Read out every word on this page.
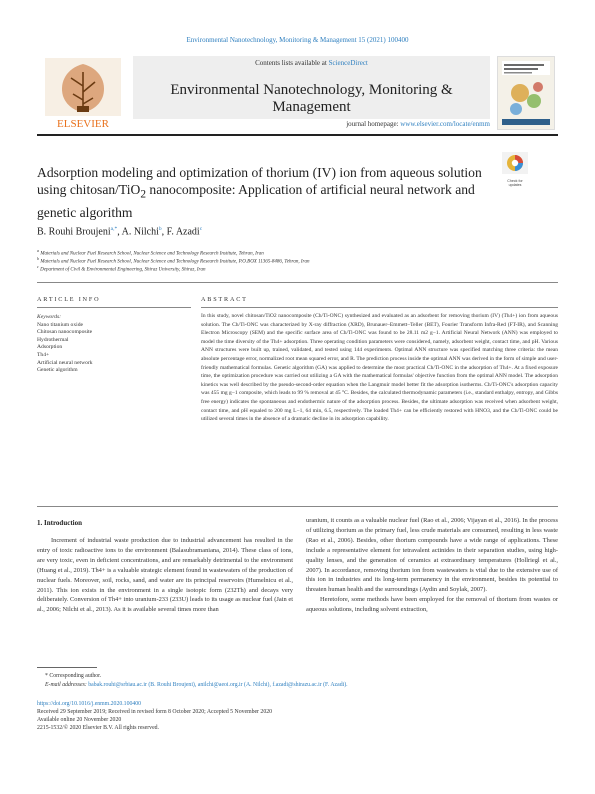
Environmental Nanotechnology, Monitoring & Management 15 (2021) 100400
ELSEVIER
Contents lists available at ScienceDirect
Environmental Nanotechnology, Monitoring & Management
journal homepage: www.elsevier.com/locate/enmm
Adsorption modeling and optimization of thorium (IV) ion from aqueous solution using chitosan/TiO$_2$ nanocomposite: Application of artificial neural network and genetic algorithm
Check for
updates
B. Rouhi Broujeni$^{a,*}$, A. Nilchi$^b$, F. Azadi$^c$
$^a$ Materials and Nuclear Fuel Research School, Nuclear Science and Technology Research Institute, Tehran, Iran
$^b$ Materials and Nuclear Fuel Research School, Nuclear Science and Technology Research Institute, P.O.BOX 11365-8486, Tehran, Iran
$^c$ Department of Civil & Environmental Engineering, Shiraz University, Shiraz, Iran
ARTICLE INFO	ABSTRACT
Keywords:
Nano titanium oxide
Chitosan nanocomposite
Hydrothermal
Adsorption
Th4+
Artificial neural network
Genetic algorithm
In this study, novel chitosan/TiO2 nanocomposite (Ch/Ti-ONC) synthesized and evaluated as an adsorbent for removing thorium (IV) (Th4+) ion from aqueous solution. The Ch/Ti-ONC was characterized by X-ray diffraction (XRD), Brunauer–Emmett–Teller (BET), Fourier Transform Infra-Red (FT-IR), and Scanning Electron Microscopy (SEM) and the specific surface area of Ch/Ti-ONC was found to be 28.11 m2 g−1. Artificial Neural Network (ANN) was employed to model the time diversity of the Th4+ adsorption. Three operating condition parameters were considered, namely, adsorbent weight, contact time, and pH. Various ANN structures were built up, trained, validated, and tested using 144 experiments. Optimal ANN structure was specified matching three criteria: the mean absolute percentage error, normalized root mean squared error, and R. The prediction process inside the optimal ANN was derived in the form of simple and user-friendly mathematical formulas. Genetic algorithm (GA) was applied to determine the most practical Ch/Ti-ONC in the adsorption of Th4+. At a fixed exposure time, the optimization procedure was carried out utilizing a GA with the mathematical formulas' objective function from the optimal ANN model. The adsorption kinetics was well described by the pseudo-second-order equation when the Langmuir model better fit the adsorption isotherms. Ch/Ti-ONC's adsorption capacity was 455 mg g−1 composite, which leads to 99 % removal at 45 °C. Besides, the calculated thermodynamic parameters (i.e., standard enthalpy, entropy, and Gibbs free energy) indicates the spontaneous and endothermic nature of the adsorption process. Besides, the ultimate adsorption was received when adsorbent weight, contact time, and pH equaled to 200 mg L−1, 64 min, 6.5, respectively. The loaded Th4+ can be efficiently restored with HNO3, and the Ch/Ti-ONC could be utilized several times in the absence of a dramatic decline in its adsorption capability.
1. Introduction

Increment of industrial waste production due to industrial advancement has resulted in the entry of toxic radioactive ions to the environment (Balasubramaniana, 2014). These class of ions, are very toxic, even in deficient concentrations, and are remarkably detrimental to the environment (Huang et al., 2019). Th4+ is a valuable strategic element found in wastewaters of the production of nuclear fuels. Moreover, soil, rocks, sand, and water are its principal reservoirs (Humelnicu et al., 2011). This ion exists in the environment in a single isotopic form (232Th) and decays very deliberately. Conversion of Th4+ into uranium-233 (233U) leads to its usage as nuclear fuel (Jain et al., 2006; Nilchi et al., 2013). As it is available several times more than

uranium, it counts as a valuable nuclear fuel (Rao et al., 2006; Vijayan et al., 2016). In the process of utilizing thorium as the primary fuel, less crude materials are consumed, resulting in less waste (Rao et al., 2006). Besides, other thorium compounds have a wide range of applications. These include a representative element for tetravalent actinides in their separation studies, using high-quality lenses, and the generation of ceramics at extraordinary temperatures (Hollriegl et al., 2007). In accordance, removing thorium ion from wastewaters is vital due to the extensive use of this ion in industries and its long-term permanency in the environment, besides its potential to threaten human health and the surroundings (Aydin and Soylak, 2007).

Heretofore, some methods have been employed for the removal of thorium from wastes or aqueous solutions, including solvent extraction,

* Corresponding author.
E-mail addresses: babak.rouhi@srbiau.ac.ir (B. Rouhi Broujeni), anilchi@aeoi.org.ir (A. Nilchi), f.azadi@shirazu.ac.ir (F. Azadi).
https://doi.org/10.1016/j.enmm.2020.100400
Received 29 September 2019; Received in revised form 8 October 2020; Accepted 5 November 2020
Available online 20 November 2020
2215-1532/© 2020 Elsevier B.V. All rights reserved.
